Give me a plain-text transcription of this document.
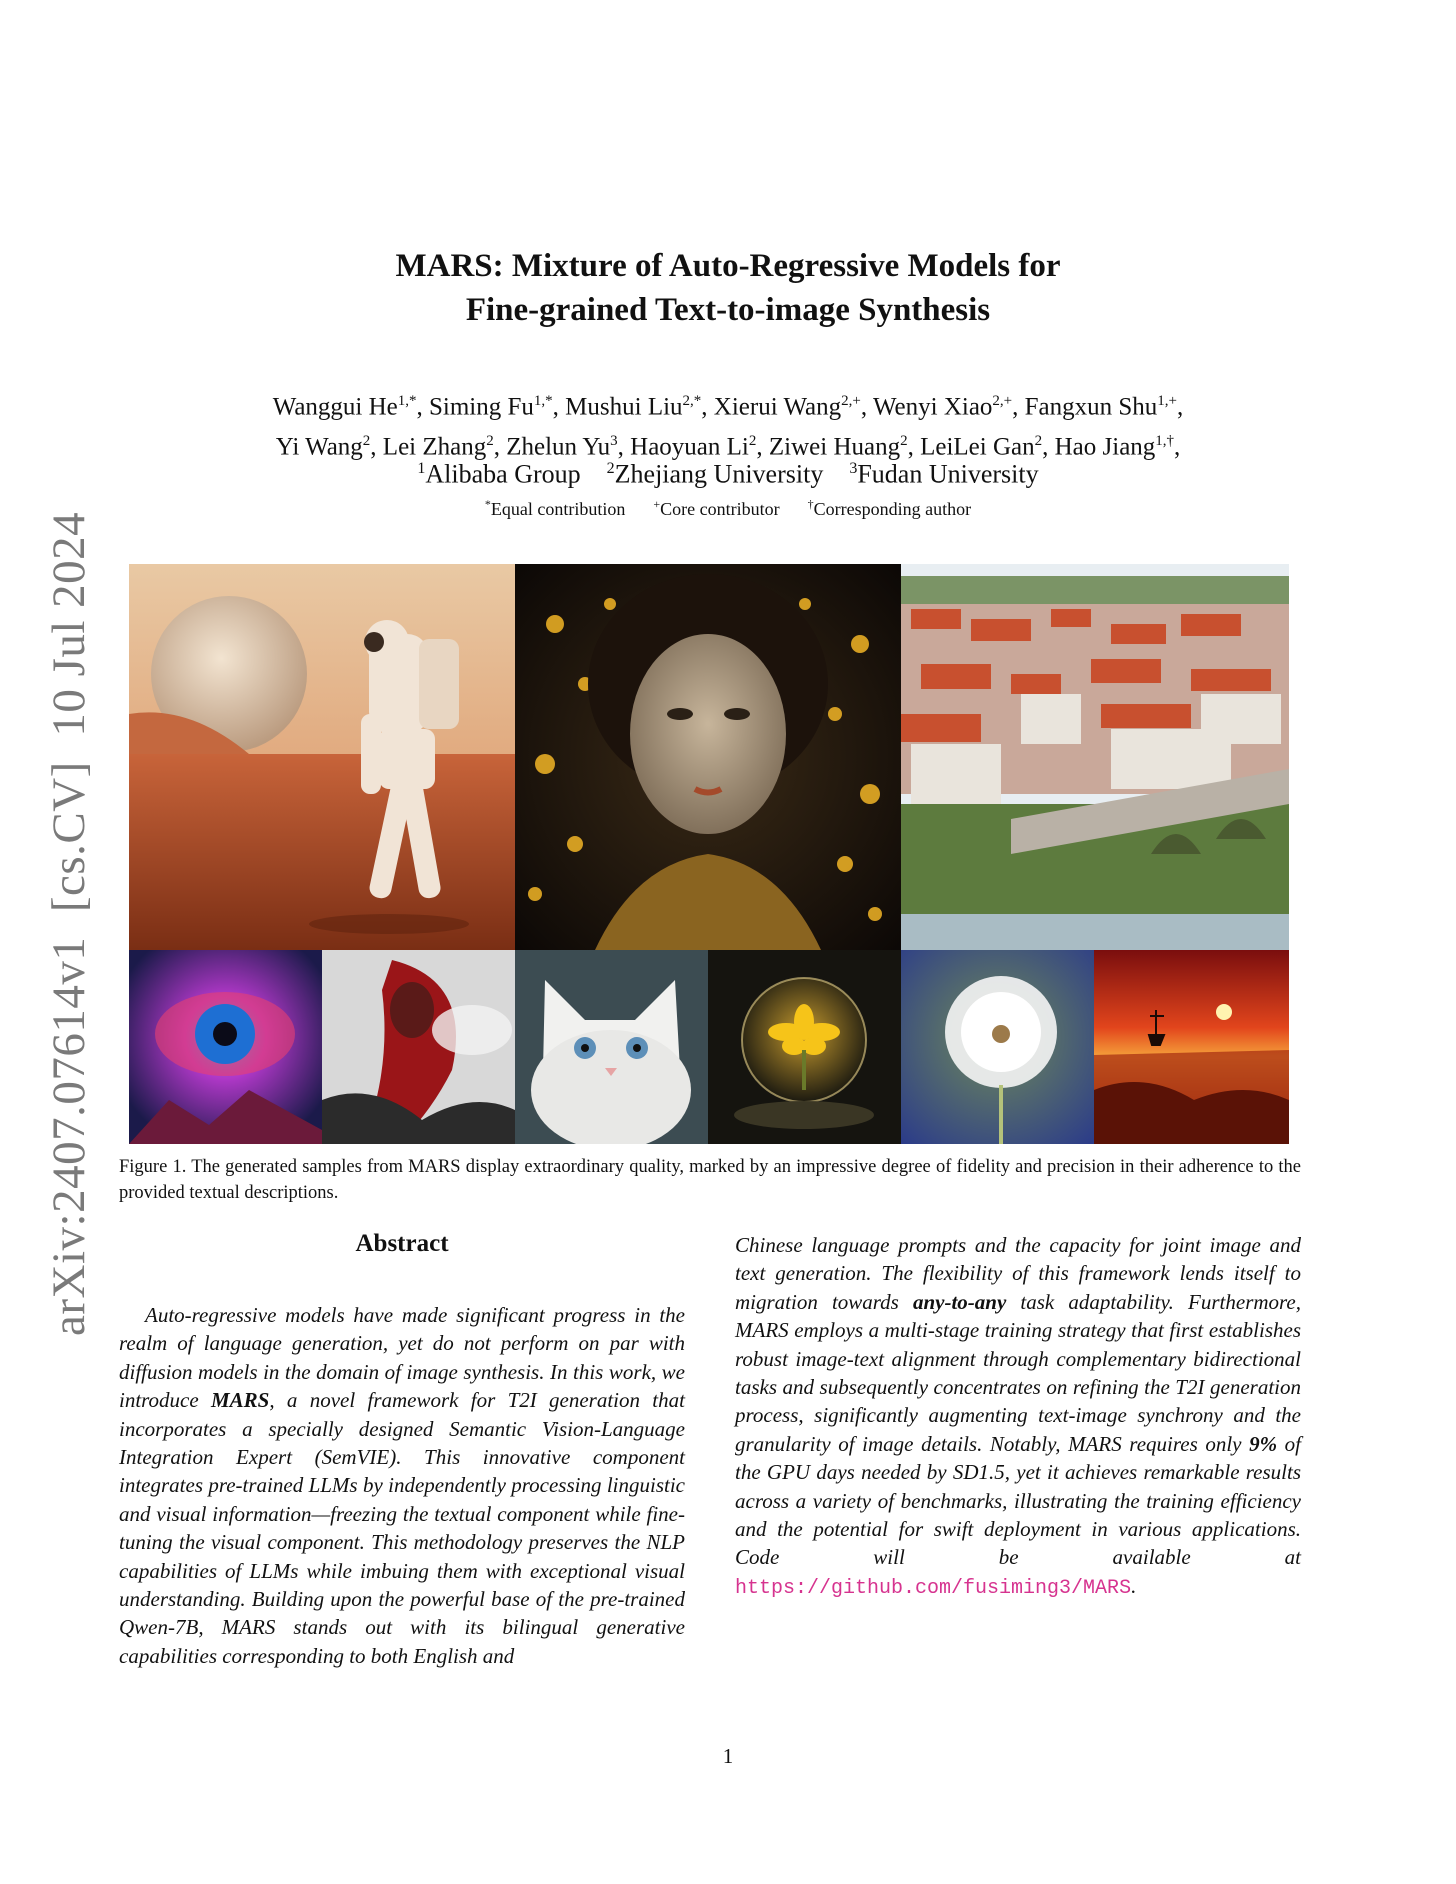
arXiv:2407.07614v1  [cs.CV]  10 Jul 2024
MARS: Mixture of Auto-Regressive Models for
Fine-grained Text-to-image Synthesis
Wanggui $He^{1,*}$, Siming $Fu^{1,*}$, Mushui Liu$^{2,*}$, Xierui Wang$^{2,+}$, Wenyi Xiao$^{2,+}$, Fangxun Shu$^{1,+}$,
Yi Wang$^2$, Lei Zhang$^2$, Zhelun Yu$^3$, Haoyuan Li$^2$, Ziwei Huang$^2$, LeiLei Gan$^2$, Hao Jiang$^{1,\dagger}$,
$^1$Alibaba Group $^2$Zhejiang University $^3$Fudan University
*Equal contribution +Core contributor †Corresponding author
Figure 1. The generated samples from MARS display extraordinary quality, marked by an impressive degree of fidelity and precision in their adherence to the provided textual descriptions.
Abstract
Auto-regressive models have made significant progress in the realm of language generation, yet do not perform on par with diffusion models in the domain of image synthesis. In this work, we introduce MARS, a novel framework for T2I generation that incorporates a specially designed Semantic Vision-Language Integration Expert (SemVIE). This innovative component integrates pre-trained LLMs by independently processing linguistic and visual information—freezing the textual component while fine-tuning the visual component. This methodology preserves the NLP capabilities of LLMs while imbuing them with exceptional visual understanding. Building upon the powerful base of the pre-trained Qwen-7B, MARS stands out with its bilingual generative capabilities corresponding to both English and
Chinese language prompts and the capacity for joint image and text generation. The flexibility of this framework lends itself to migration towards any-to-any task adaptability. Furthermore, MARS employs a multi-stage training strategy that first establishes robust image-text alignment through complementary bidirectional tasks and subsequently concentrates on refining the T2I generation process, significantly augmenting text-image synchrony and the granularity of image details. Notably, MARS requires only 9% of the GPU days needed by SD1.5, yet it achieves remarkable results across a variety of benchmarks, illustrating the training efficiency and the potential for swift deployment in various applications. Code will be available at https://github.com/fusiming3/MARS.
1
